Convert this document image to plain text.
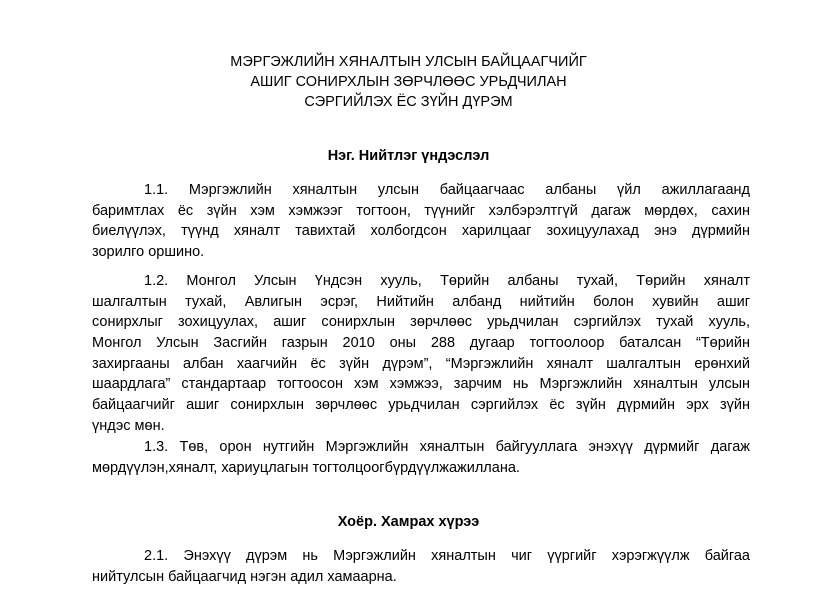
МЭРГЭЖЛИЙН ХЯНАЛТЫН УЛСЫН БАЙЦААГЧИЙГ
АШИГ СОНИРХЛЫН ЗӨРЧЛӨӨС УРЬДЧИЛАН
СЭРГИЙЛЭХ ЁС ЗҮЙН ДҮРЭМ
Нэг. Нийтлэг үндэслэл
1.1. Мэргэжлийн хяналтын улсын байцаагчаас албаны үйл ажиллагаанд
баримтлах ёс зүйн хэм хэмжээг тогтоон, түүнийг хэлбэрэлтгүй дагаж мөрдөх, сахин
биелүүлэх, түүнд хяналт тавихтай холбогдсон харилцааг зохицуулахад энэ дүрмийн
зорилго оршино.
1.2. Монгол Улсын Үндсэн хууль, Төрийн албаны тухай, Төрийн хяналт
шалгалтын тухай, Авлигын эсрэг, Нийтийн албанд нийтийн болон хувийн ашиг
сонирхлыг зохицуулах, ашиг сонирхлын зөрчлөөс урьдчилан сэргийлэх тухай хууль,
Монгол Улсын Засгийн газрын 2010 оны 288 дугаар тогтоолоор баталсан “Төрийн
захиргааны албан хаагчийн ёс зүйн дүрэм”, “Мэргэжлийн хяналт шалгалтын ерөнхий
шаардлага” стандартаар тогтоосон хэм хэмжээ, зарчим нь Мэргэжлийн хяналтын улсын
байцаагчийг ашиг сонирхлын зөрчлөөс урьдчилан сэргийлэх ёс зүйн дүрмийн эрх зүйн
үндэс мөн.
1.3. Төв, орон нутгийн Мэргэжлийн хяналтын байгууллага энэхүү дүрмийг дагаж
мөрдүүлэн,хяналт, хариуцлагын тогтолцоогбүрдүүлжажиллана.
Хоёр. Хамрах хүрээ
2.1. Энэхүү дүрэм нь Мэргэжлийн хяналтын чиг үүргийг хэрэгжүүлж байгаа
нийтулсын байцаагчид нэгэн адил хамаарна.
